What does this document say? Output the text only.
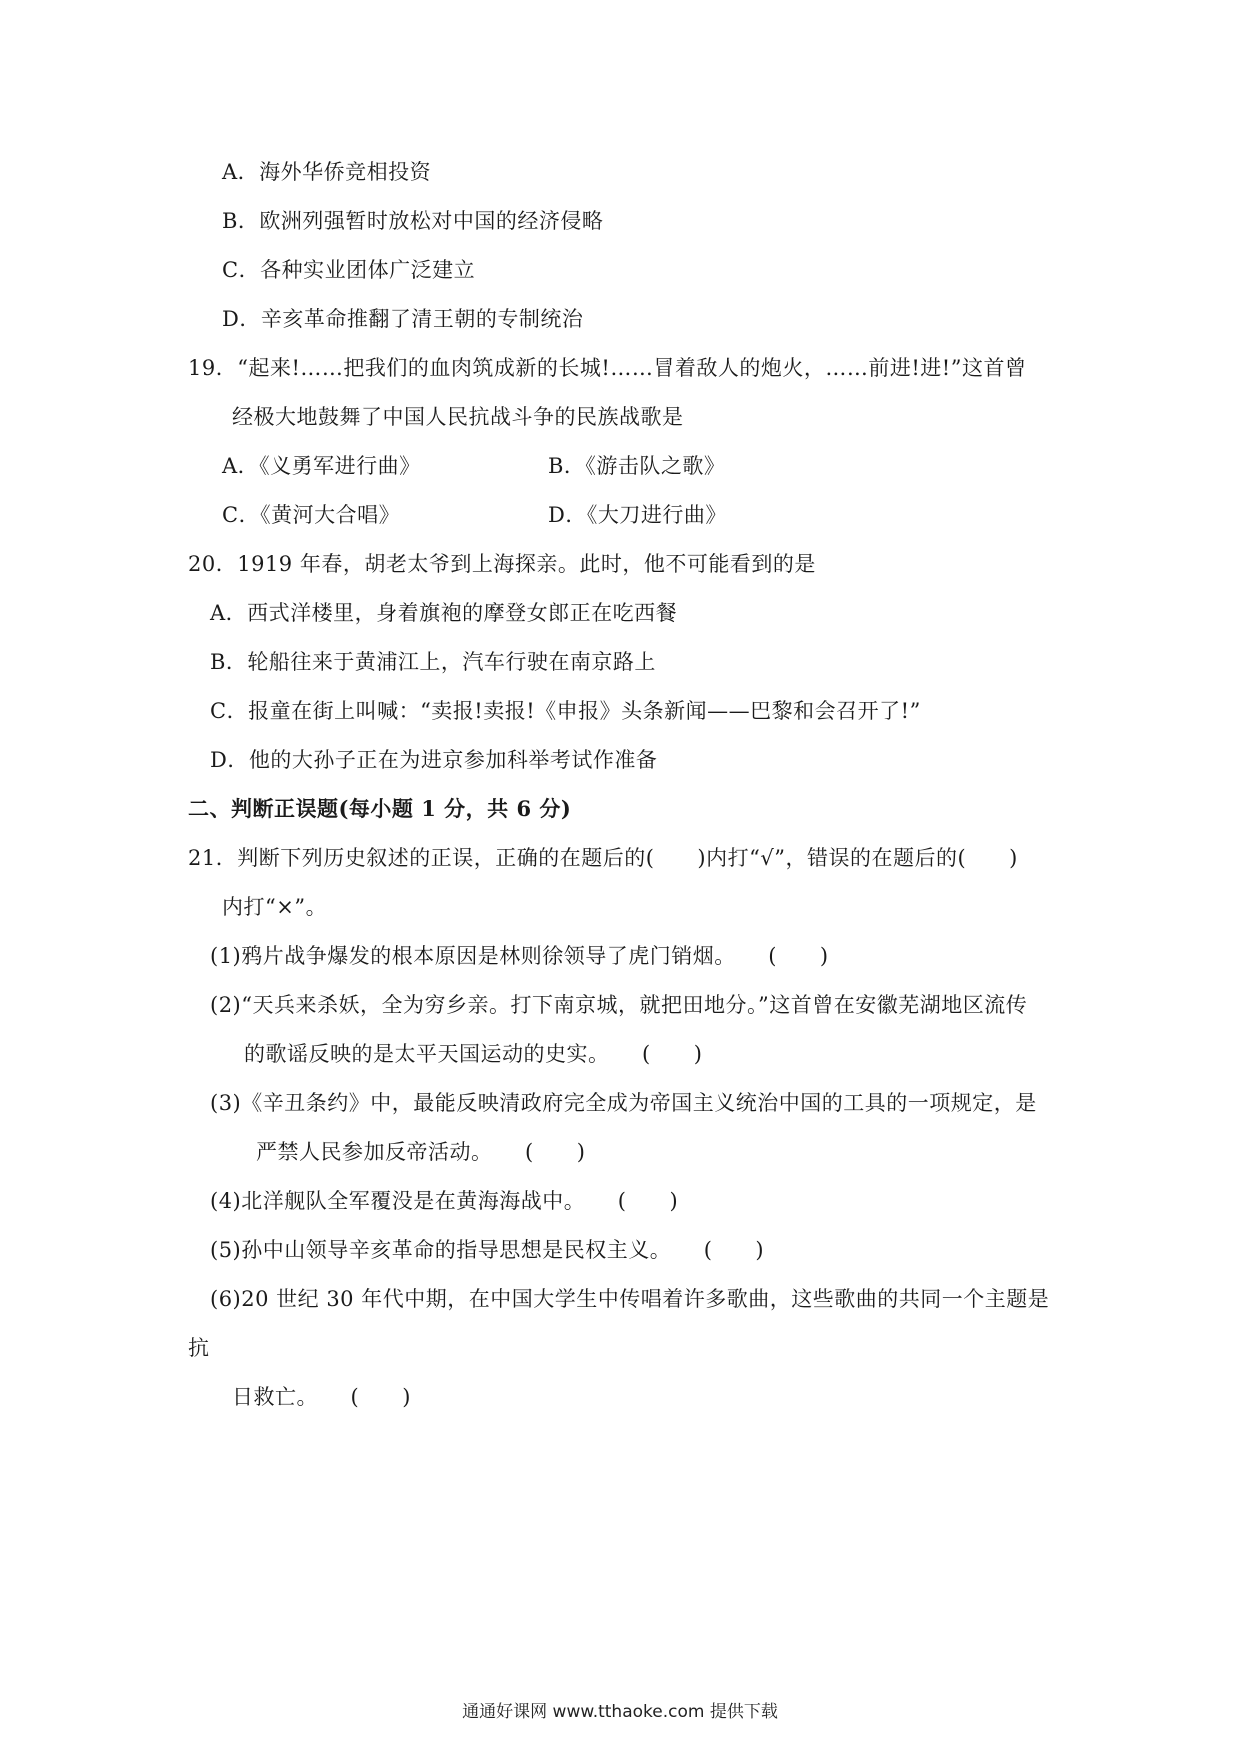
A．海外华侨竞相投资
B．欧洲列强暂时放松对中国的经济侵略
C．各种实业团体广泛建立
D．辛亥革命推翻了清王朝的专制统治
19．“起来!……把我们的血肉筑成新的长城!……冒着敌人的炮火，……前进!进!”这首曾
经极大地鼓舞了中国人民抗战斗争的民族战歌是
A．《义勇军进行曲》	B．《游击队之歌》
C．《黄河大合唱》	D．《大刀进行曲》
20．1919 年春，胡老太爷到上海探亲。此时，他不可能看到的是
A．西式洋楼里，身着旗袍的摩登女郎正在吃西餐
B．轮船往来于黄浦江上，汽车行驶在南京路上
C．报童在街上叫喊：“卖报!卖报!《申报》头条新闻——巴黎和会召开了!”
D．他的大孙子正在为进京参加科举考试作准备
二、判断正误题(每小题 1 分，共 6 分)
21．判断下列历史叙述的正误，正确的在题后的(　　)内打“√”，错误的在题后的(　　)
内打“×”。
(1)鸦片战争爆发的根本原因是林则徐领导了虎门销烟。　　(　　)
(2)“天兵来杀妖，全为穷乡亲。打下南京城，就把田地分。”这首曾在安徽芜湖地区流传
的歌谣反映的是太平天国运动的史实。　　(　　)
(3)《辛丑条约》中，最能反映清政府完全成为帝国主义统治中国的工具的一项规定，是
严禁人民参加反帝活动。　　(　　)
(4)北洋舰队全军覆没是在黄海海战中。　　(　　)
(5)孙中山领导辛亥革命的指导思想是民权主义。　　(　　)
(6)20 世纪 30 年代中期，在中国大学生中传唱着许多歌曲，这些歌曲的共同一个主题是
抗
日救亡。　　(　　)
通通好课网 www.tthaoke.com 提供下载
